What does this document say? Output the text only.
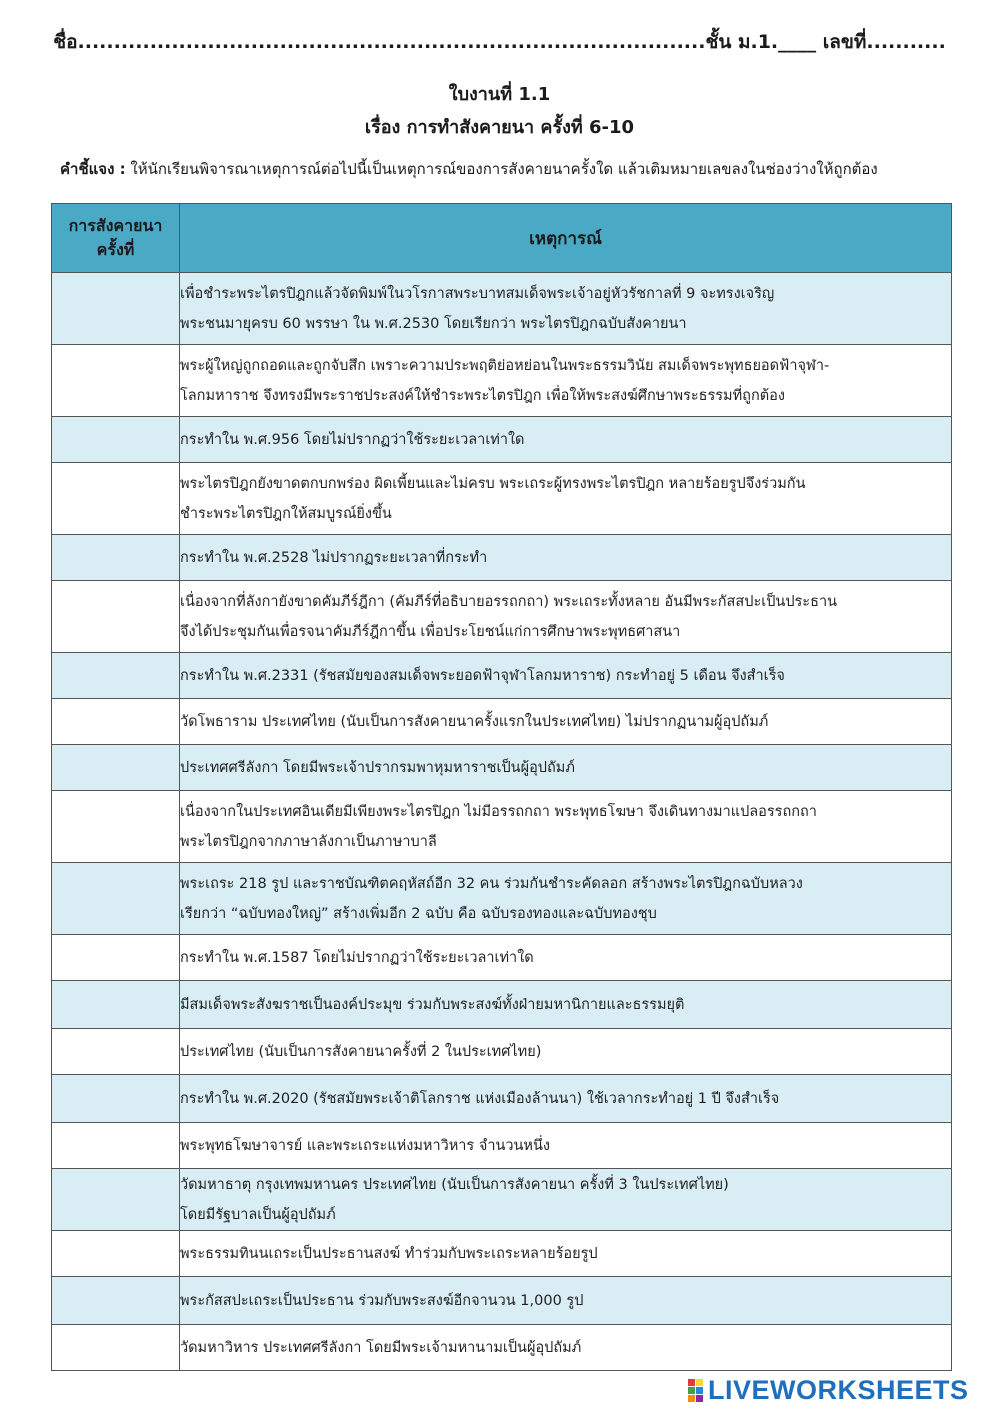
ชื่อ.......................................................................................ชั้น ม.1.____ เลขที่...........
ใบงานที่ 1.1
เรื่อง การทำสังคายนา ครั้งที่ 6-10
คำชี้แจง : ให้นักเรียนพิจารณาเหตุการณ์ต่อไปนี้เป็นเหตุการณ์ของการสังคายนาครั้งใด แล้วเติมหมายเลขลงในช่องว่างให้ถูกต้อง
การสังคายนา
ครั้งที่	เหตุการณ์

	เพื่อชำระพระไตรปิฎกแล้วจัดพิมพ์ในวโรกาสพระบาทสมเด็จพระเจ้าอยู่หัวรัชกาลที่ 9 จะทรงเจริญ
พระชนมายุครบ 60 พรรษา ใน พ.ศ.2530 โดยเรียกว่า พระไตรปิฎกฉบับสังคายนา

	พระผู้ใหญ่ถูกถอดและถูกจับสึก เพราะความประพฤติย่อหย่อนในพระธรรมวินัย สมเด็จพระพุทธยอดฟ้าจุฬา-
โลกมหาราช จึงทรงมีพระราชประสงค์ให้ชำระพระไตรปิฎก เพื่อให้พระสงฆ์ศึกษาพระธรรมที่ถูกต้อง

	กระทำใน พ.ศ.956 โดยไม่ปรากฏว่าใช้ระยะเวลาเท่าใด

	พระไตรปิฎกยังขาดตกบกพร่อง ผิดเพี้ยนและไม่ครบ พระเถระผู้ทรงพระไตรปิฎก หลายร้อยรูปจึงร่วมกัน
ชำระพระไตรปิฎกให้สมบูรณ์ยิ่งขึ้น

	กระทำใน พ.ศ.2528 ไม่ปรากฏระยะเวลาที่กระทำ

	เนื่องจากที่ลังกายังขาดคัมภีร์ฎีกา (คัมภีร์ที่อธิบายอรรถกถา) พระเถระทั้งหลาย อันมีพระกัสสปะเป็นประธาน
จึงได้ประชุมกันเพื่อรจนาคัมภีร์ฎีกาขึ้น เพื่อประโยชน์แก่การศึกษาพระพุทธศาสนา

	กระทำใน พ.ศ.2331 (รัชสมัยของสมเด็จพระยอดฟ้าจุฬาโลกมหาราช) กระทำอยู่ 5 เดือน จึงสำเร็จ

	วัดโพธาราม ประเทศไทย (นับเป็นการสังคายนาครั้งแรกในประเทศไทย) ไม่ปรากฏนามผู้อุปถัมภ์

	ประเทศศรีลังกา โดยมีพระเจ้าปรากรมพาหุมหาราชเป็นผู้อุปถัมภ์

	เนื่องจากในประเทศอินเดียมีเพียงพระไตรปิฎก ไม่มีอรรถกถา พระพุทธโฆษา จึงเดินทางมาแปลอรรถกถา
พระไตรปิฎกจากภาษาลังกาเป็นภาษาบาลี

	พระเถระ 218 รูป และราชบัณฑิตคฤหัสถ์อีก 32 คน ร่วมกันชำระคัดลอก สร้างพระไตรปิฎกฉบับหลวง
เรียกว่า “ฉบับทองใหญ่” สร้างเพิ่มอีก 2 ฉบับ คือ ฉบับรองทองและฉบับทองชุบ

	กระทำใน พ.ศ.1587 โดยไม่ปรากฏว่าใช้ระยะเวลาเท่าใด

	มีสมเด็จพระสังฆราชเป็นองค์ประมุข ร่วมกับพระสงฆ์ทั้งฝ่ายมหานิกายและธรรมยุติ

	ประเทศไทย (นับเป็นการสังคายนาครั้งที่ 2 ในประเทศไทย)

	กระทำใน พ.ศ.2020 (รัชสมัยพระเจ้าติโลกราช แห่งเมืองล้านนา) ใช้เวลากระทำอยู่ 1 ปี จึงสำเร็จ

	พระพุทธโฆษาจารย์ และพระเถระแห่งมหาวิหาร จำนวนหนึ่ง

	วัดมหาธาตุ กรุงเทพมหานคร ประเทศไทย (นับเป็นการสังคายนา ครั้งที่ 3 ในประเทศไทย)
โดยมีรัฐบาลเป็นผู้อุปถัมภ์

	พระธรรมทินนเถระเป็นประธานสงฆ์ ทำร่วมกับพระเถระหลายร้อยรูป

	พระกัสสปะเถระเป็นประธาน ร่วมกับพระสงฆ์อีกจานวน 1,000 รูป

	วัดมหาวิหาร ประเทศศรีลังกา โดยมีพระเจ้ามหานามเป็นผู้อุปถัมภ์
LIVEWORKSHEETS
